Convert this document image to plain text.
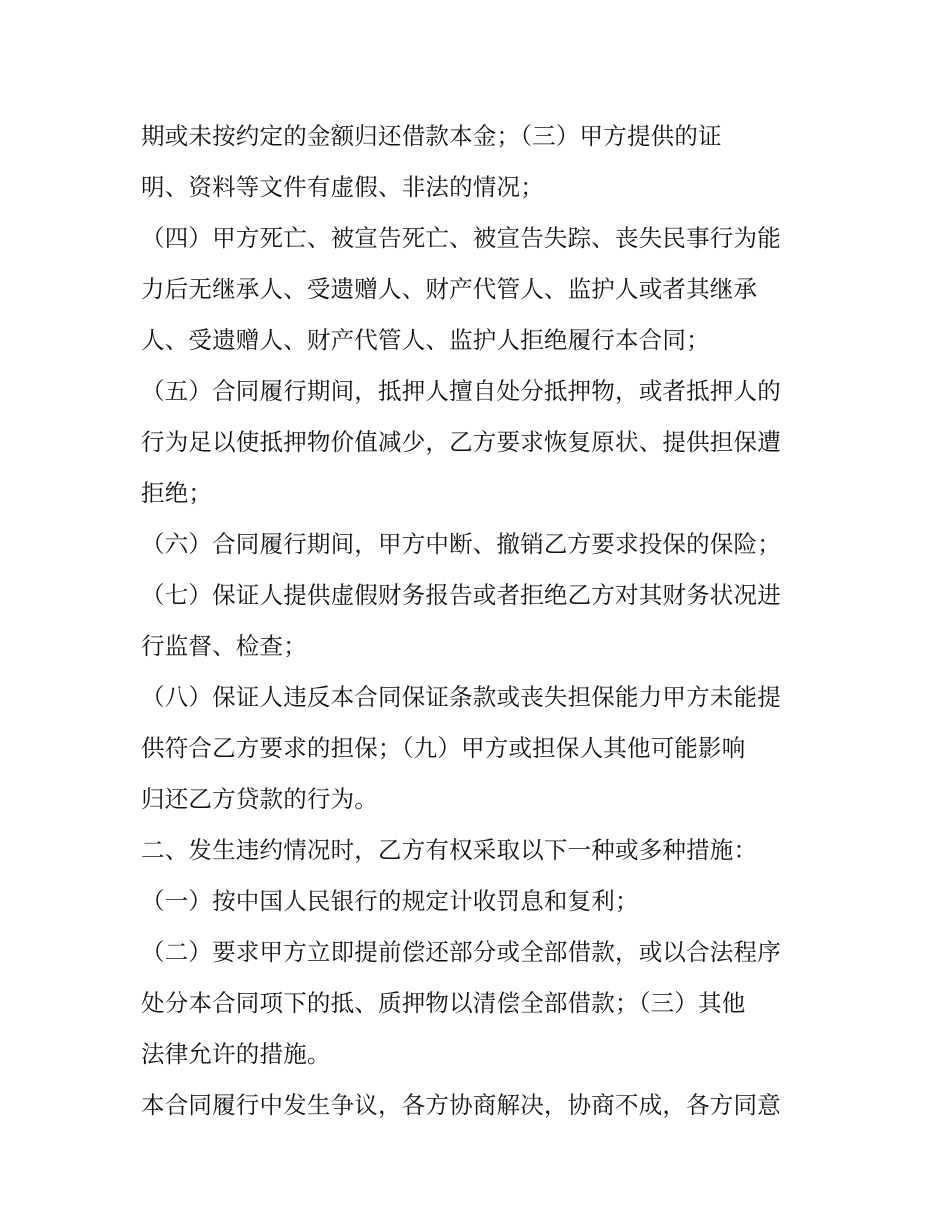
期或未按约定的金额归还借款本金；（三）甲方提供的证
明、资料等文件有虚假、非法的情况；
（四）甲方死亡、被宣告死亡、被宣告失踪、丧失民事行为能
力后无继承人、受遗赠人、财产代管人、监护人或者其继承
人、受遗赠人、财产代管人、监护人拒绝履行本合同；
（五）合同履行期间，抵押人擅自处分抵押物，或者抵押人的
行为足以使抵押物价值减少，乙方要求恢复原状、提供担保遭
拒绝；
（六）合同履行期间，甲方中断、撤销乙方要求投保的保险；
（七）保证人提供虚假财务报告或者拒绝乙方对其财务状况进
行监督、检查；
（八）保证人违反本合同保证条款或丧失担保能力甲方未能提
供符合乙方要求的担保；（九）甲方或担保人其他可能影响
归还乙方贷款的行为。
二、发生违约情况时，乙方有权采取以下一种或多种措施：
（一）按中国人民银行的规定计收罚息和复利；
（二）要求甲方立即提前偿还部分或全部借款，或以合法程序
处分本合同项下的抵、质押物以清偿全部借款；（三）其他
法律允许的措施。
本合同履行中发生争议，各方协商解决，协商不成，各方同意
